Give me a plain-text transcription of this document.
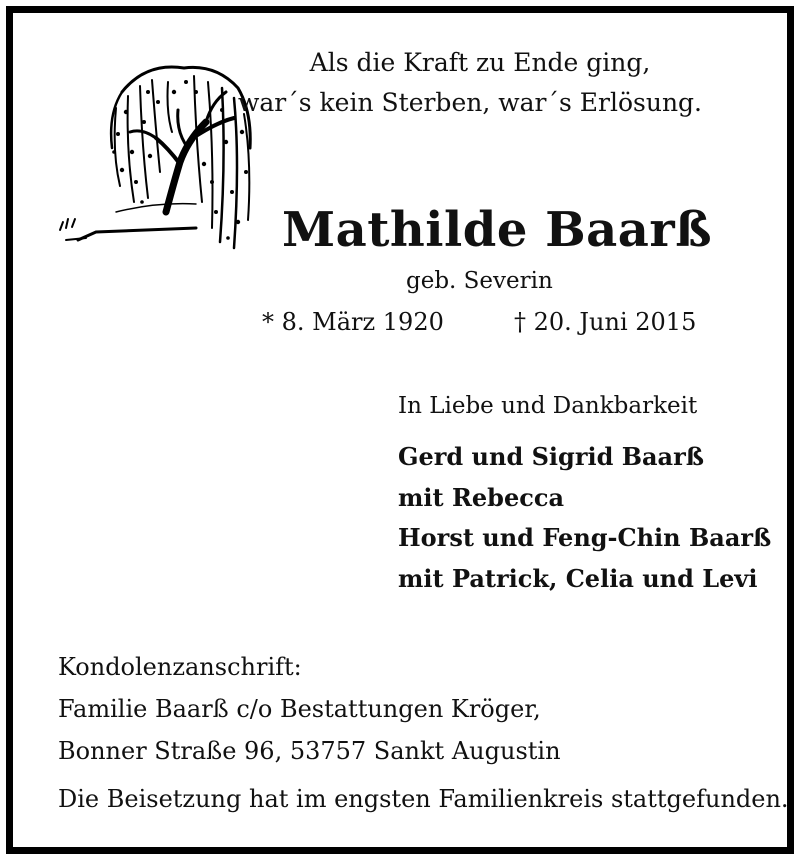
Als die Kraft zu Ende ging,
war´s kein Sterben, war´s Erlösung.
Mathilde Baarß
geb. Severin
* 8. März 1920	† 20. Juni 2015
In Liebe und Dankbarkeit
Gerd und Sigrid Baarß
mit Rebecca
Horst und Feng-Chin Baarß
mit Patrick, Celia und Levi
Kondolenzanschrift:
Familie Baarß c/o Bestattungen Kröger,
Bonner Straße 96, 53757 Sankt Augustin
Die Beisetzung hat im engsten Familienkreis stattgefunden.
